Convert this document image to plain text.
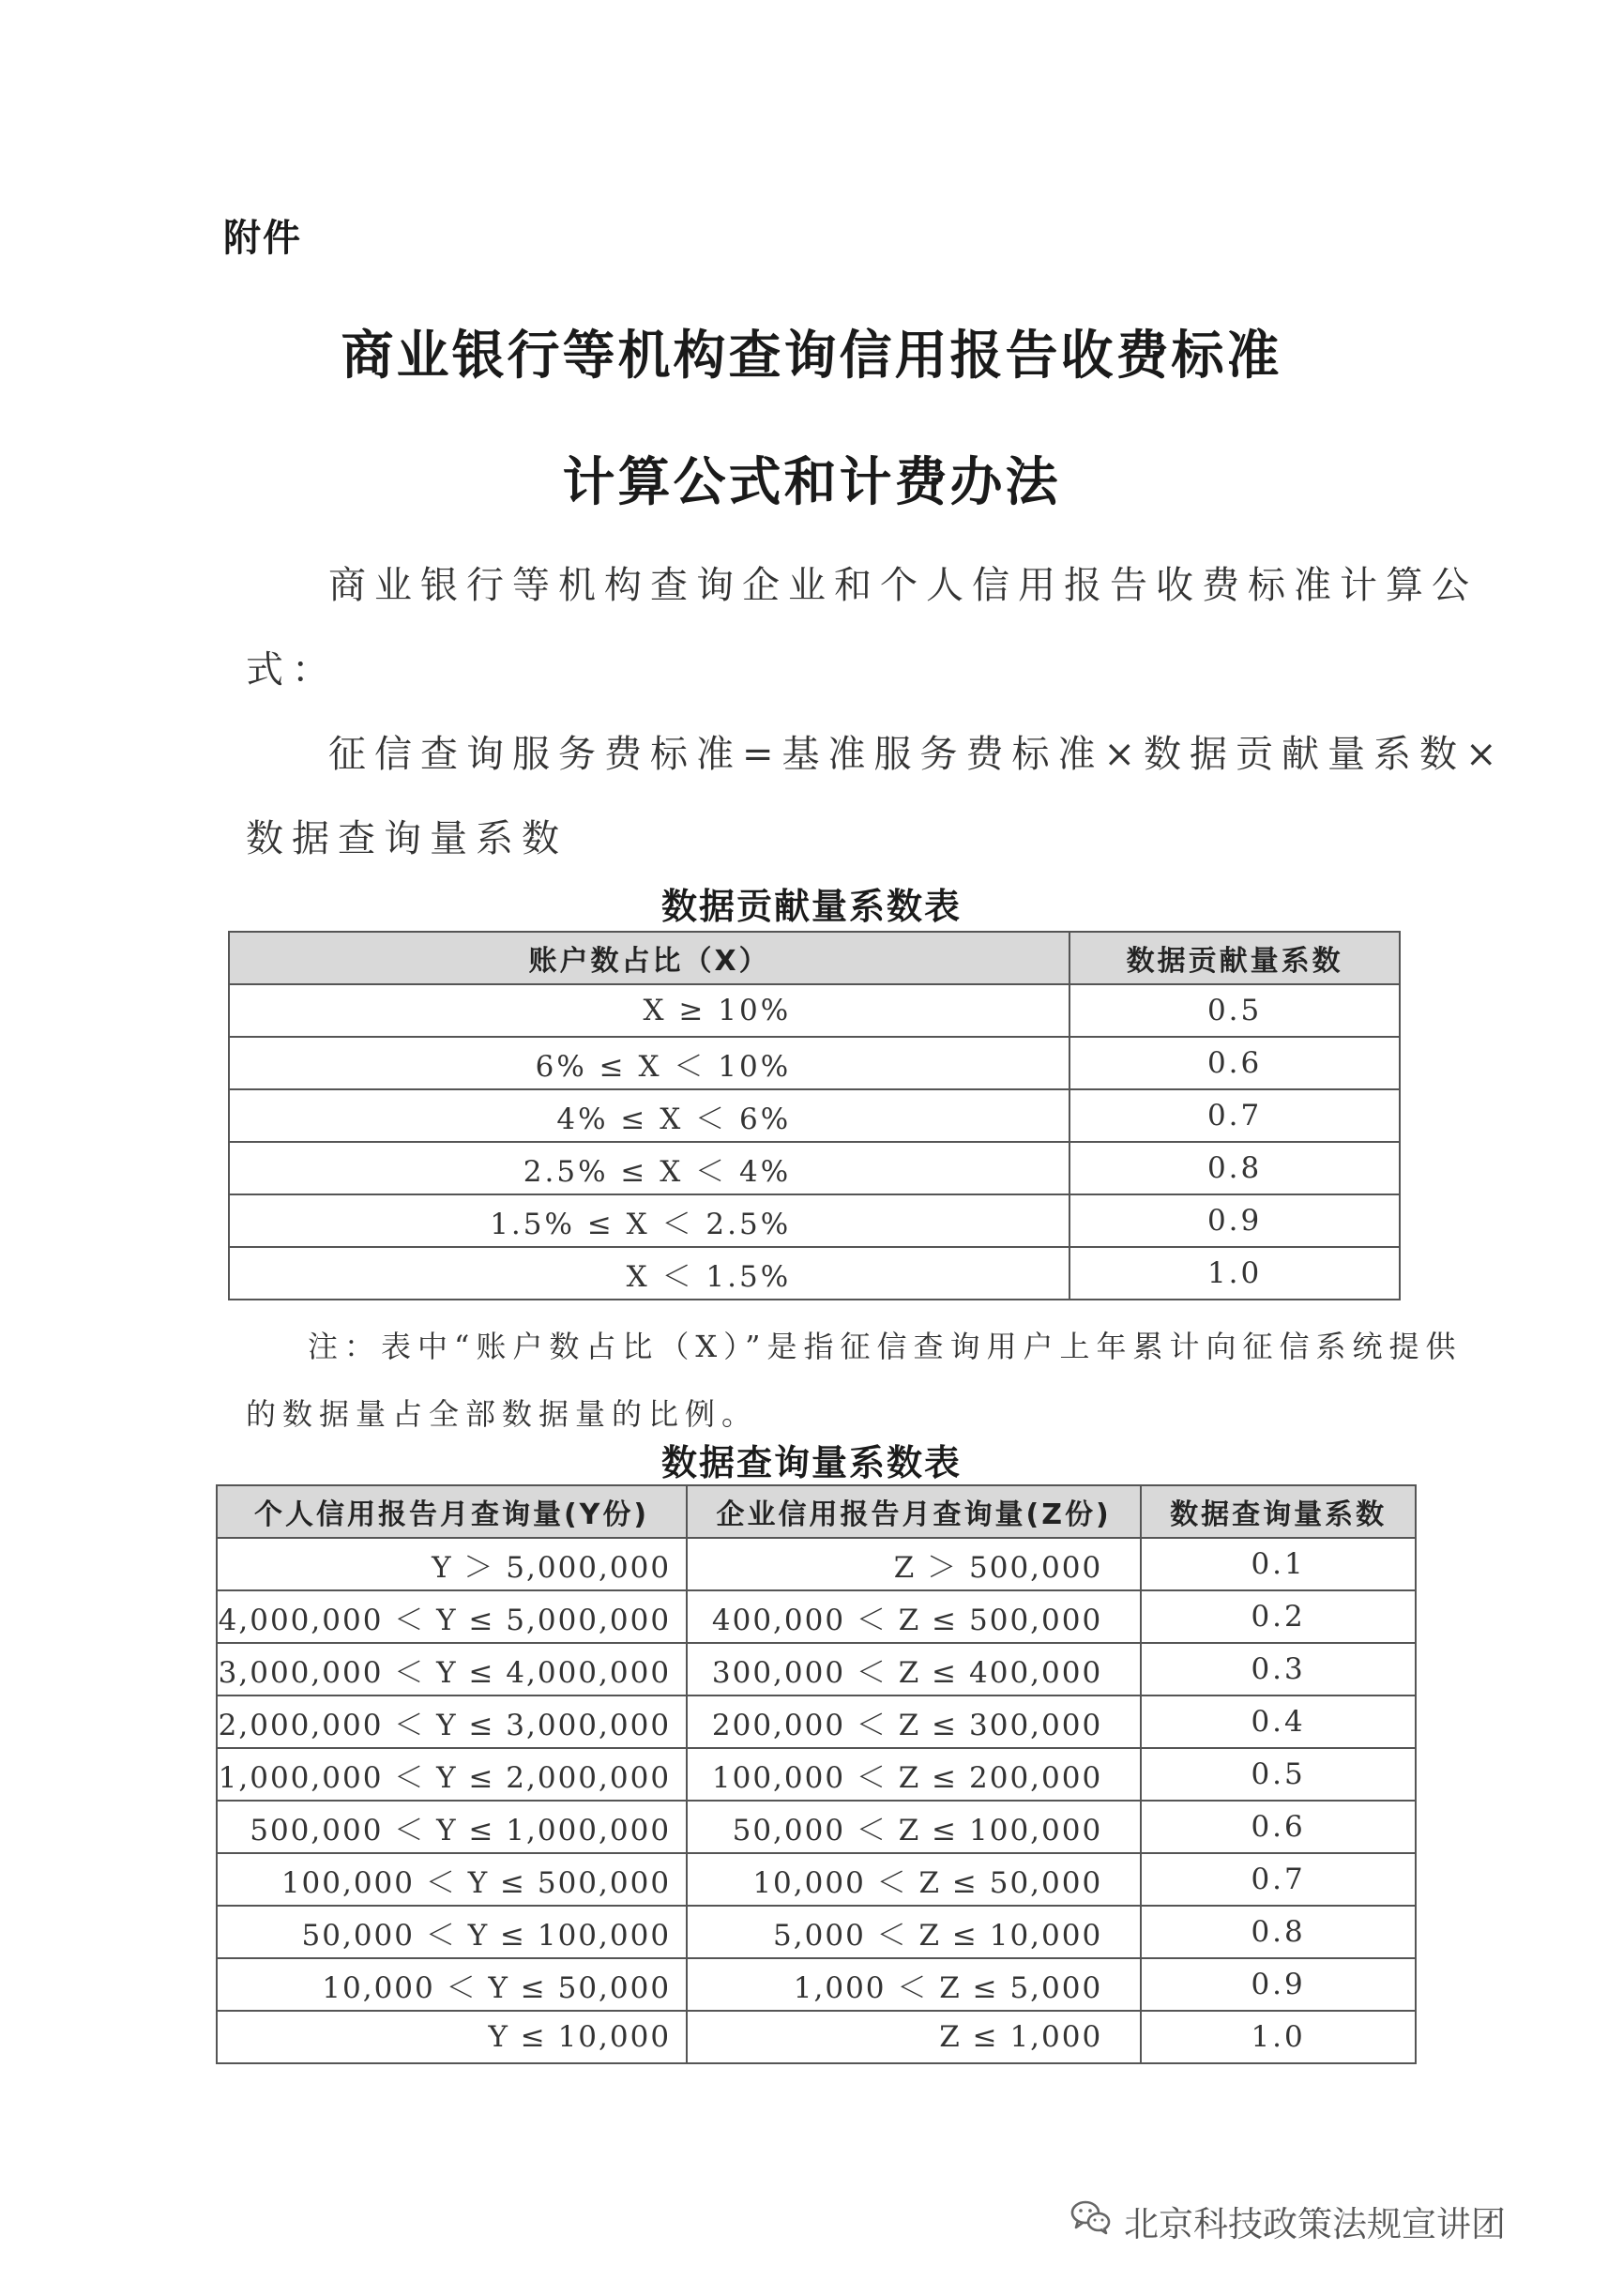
附件
商业银行等机构查询信用报告收费标准
计算公式和计费办法
商业银行等机构查询企业和个人信用报告收费标准计算公
式：
征信查询服务费标准=基准服务费标准×数据贡献量系数×
数据查询量系数
数据贡献量系数表
账户数占比（X）	数据贡献量系数
X ≥ 10%	0.5
6% ≤ X ＜ 10%	0.6
4% ≤ X ＜ 6%	0.7
2.5% ≤ X ＜ 4%	0.8
1.5% ≤ X ＜ 2.5%	0.9
X ＜ 1.5%	1.0
注：表中“账户数占比（X）”是指征信查询用户上年累计向征信系统提供
的数据量占全部数据量的比例。
数据查询量系数表
个人信用报告月查询量(Y份)	企业信用报告月查询量(Z份)	数据查询量系数
Y ＞ 5,000,000	Z ＞ 500,000	0.1
4,000,000 ＜ Y ≤ 5,000,000	400,000 ＜ Z ≤ 500,000	0.2
3,000,000 ＜ Y ≤ 4,000,000	300,000 ＜ Z ≤ 400,000	0.3
2,000,000 ＜ Y ≤ 3,000,000	200,000 ＜ Z ≤ 300,000	0.4
1,000,000 ＜ Y ≤ 2,000,000	100,000 ＜ Z ≤ 200,000	0.5
500,000 ＜ Y ≤ 1,000,000	50,000 ＜ Z ≤ 100,000	0.6
100,000 ＜ Y ≤ 500,000	10,000 ＜ Z ≤ 50,000	0.7
50,000 ＜ Y ≤ 100,000	5,000 ＜ Z ≤ 10,000	0.8
10,000 ＜ Y ≤ 50,000	1,000 ＜ Z ≤ 5,000	0.9
Y ≤ 10,000	Z ≤ 1,000	1.0
北京科技政策法规宣讲团
